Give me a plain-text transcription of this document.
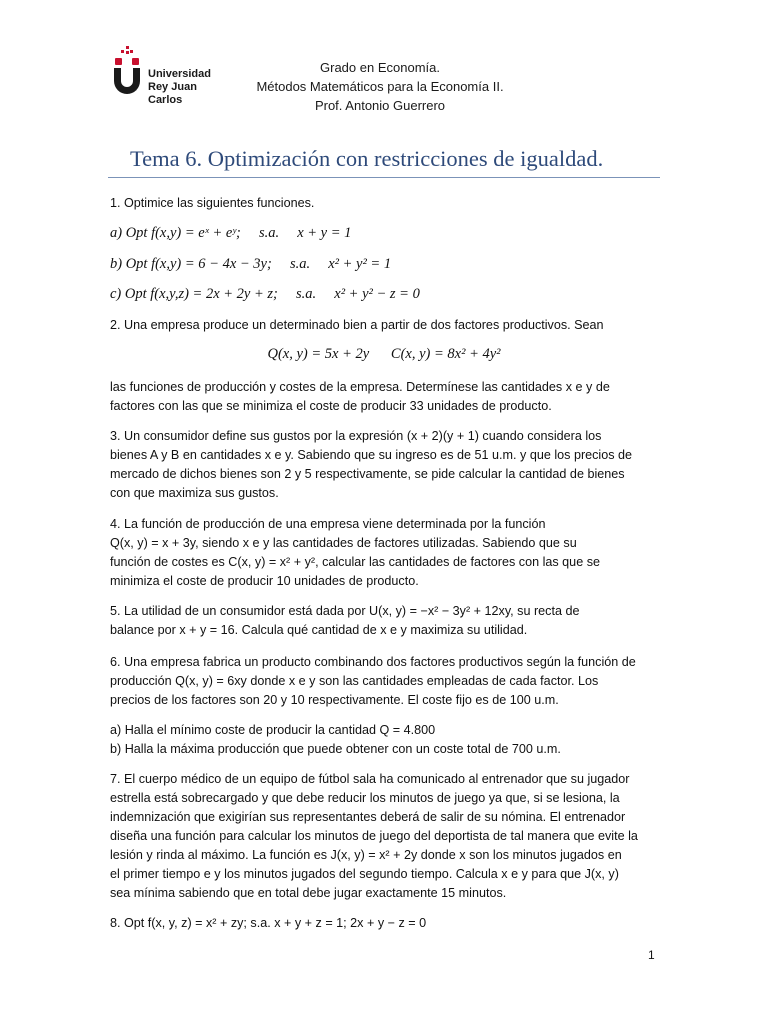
Universidad
Rey Juan Carlos
Grado en Economía.
Métodos Matemáticos para la Economía II.
Prof. Antonio Guerrero
Tema 6. Optimización con restricciones de igualdad.
1. Optimice las siguientes funciones.
a) Opt f(x,y) = eˣ + eʸ;     s.a.     x + y = 1
b) Opt f(x,y) = 6 − 4x − 3y;     s.a.     x² + y² = 1
c) Opt f(x,y,z) = 2x + 2y + z;     s.a.     x² + y² − z = 0
2. Una empresa produce un determinado bien a partir de dos factores productivos. Sean
Q(x, y) = 5x + 2y      C(x, y) = 8x² + 4y²
las funciones de producción y costes de la empresa. Determínese las cantidades x e y de
factores con las que se minimiza el coste de producir 33 unidades de producto.
3. Un consumidor define sus gustos por la expresión (x + 2)(y + 1) cuando considera los
bienes A y B en cantidades x e y. Sabiendo que su ingreso es de 51 u.m. y que los precios de
mercado de dichos bienes son 2 y 5 respectivamente, se pide calcular la cantidad de bienes
con que maximiza sus gustos.
4. La función de producción de una empresa viene determinada por la función
Q(x, y) = x + 3y, siendo x e y las cantidades de factores utilizadas. Sabiendo que su
función de costes es C(x, y) = x² + y², calcular las cantidades de factores con las que se
minimiza el coste de producir 10 unidades de producto.
5. La utilidad de un consumidor está dada por U(x, y) = −x² − 3y² + 12xy, su recta de
balance por x + y = 16. Calcula qué cantidad de x e y maximiza su utilidad.
6. Una empresa fabrica un producto combinando dos factores productivos según la función de
producción Q(x, y) = 6xy donde x e y son las cantidades empleadas de cada factor. Los
precios de los factores son 20 y 10 respectivamente. El coste fijo es de 100 u.m.
a) Halla el mínimo coste de producir la cantidad Q = 4.800
b) Halla la máxima producción que puede obtener con un coste total de 700 u.m.
7. El cuerpo médico de un equipo de fútbol sala ha comunicado al entrenador que su jugador
estrella está sobrecargado y que debe reducir los minutos de juego ya que, si se lesiona, la
indemnización que exigirían sus representantes deberá de salir de su nómina. El entrenador
diseña una función para calcular los minutos de juego del deportista de tal manera que evite la
lesión y rinda al máximo. La función es J(x, y) = x² + 2y donde x son los minutos jugados en
el primer tiempo e y los minutos jugados del segundo tiempo. Calcula x e y para que J(x, y)
sea mínima sabiendo que en total debe jugar exactamente 15 minutos.
8. Opt f(x, y, z) = x² + zy; s.a. x + y + z = 1; 2x + y − z = 0
1
